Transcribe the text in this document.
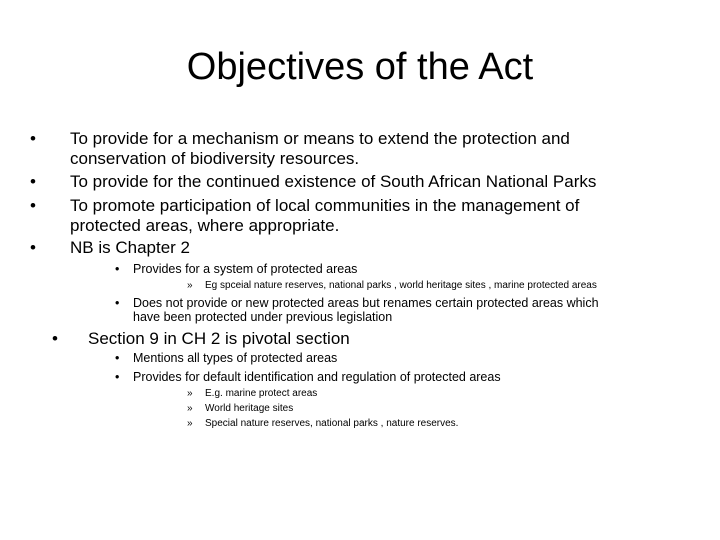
Objectives of the Act
• To provide for a mechanism or means to extend the protection and
conservation of biodiversity resources.
• To provide for the continued existence of South African National Parks
• To promote participation of local communities in the management of
protected areas, where appropriate.
• NB is Chapter 2
• Provides for a system of protected areas
» Eg spceial nature reserves, national parks , world heritage sites , marine protected areas
• Does not provide or new protected areas but renames certain protected areas which
have been protected under previous legislation
• Section 9 in CH 2 is pivotal section
• Mentions all types of protected areas
• Provides for default identification and regulation of protected areas
» E.g. marine protect areas
» World heritage sites
» Special nature reserves, national parks , nature reserves.
